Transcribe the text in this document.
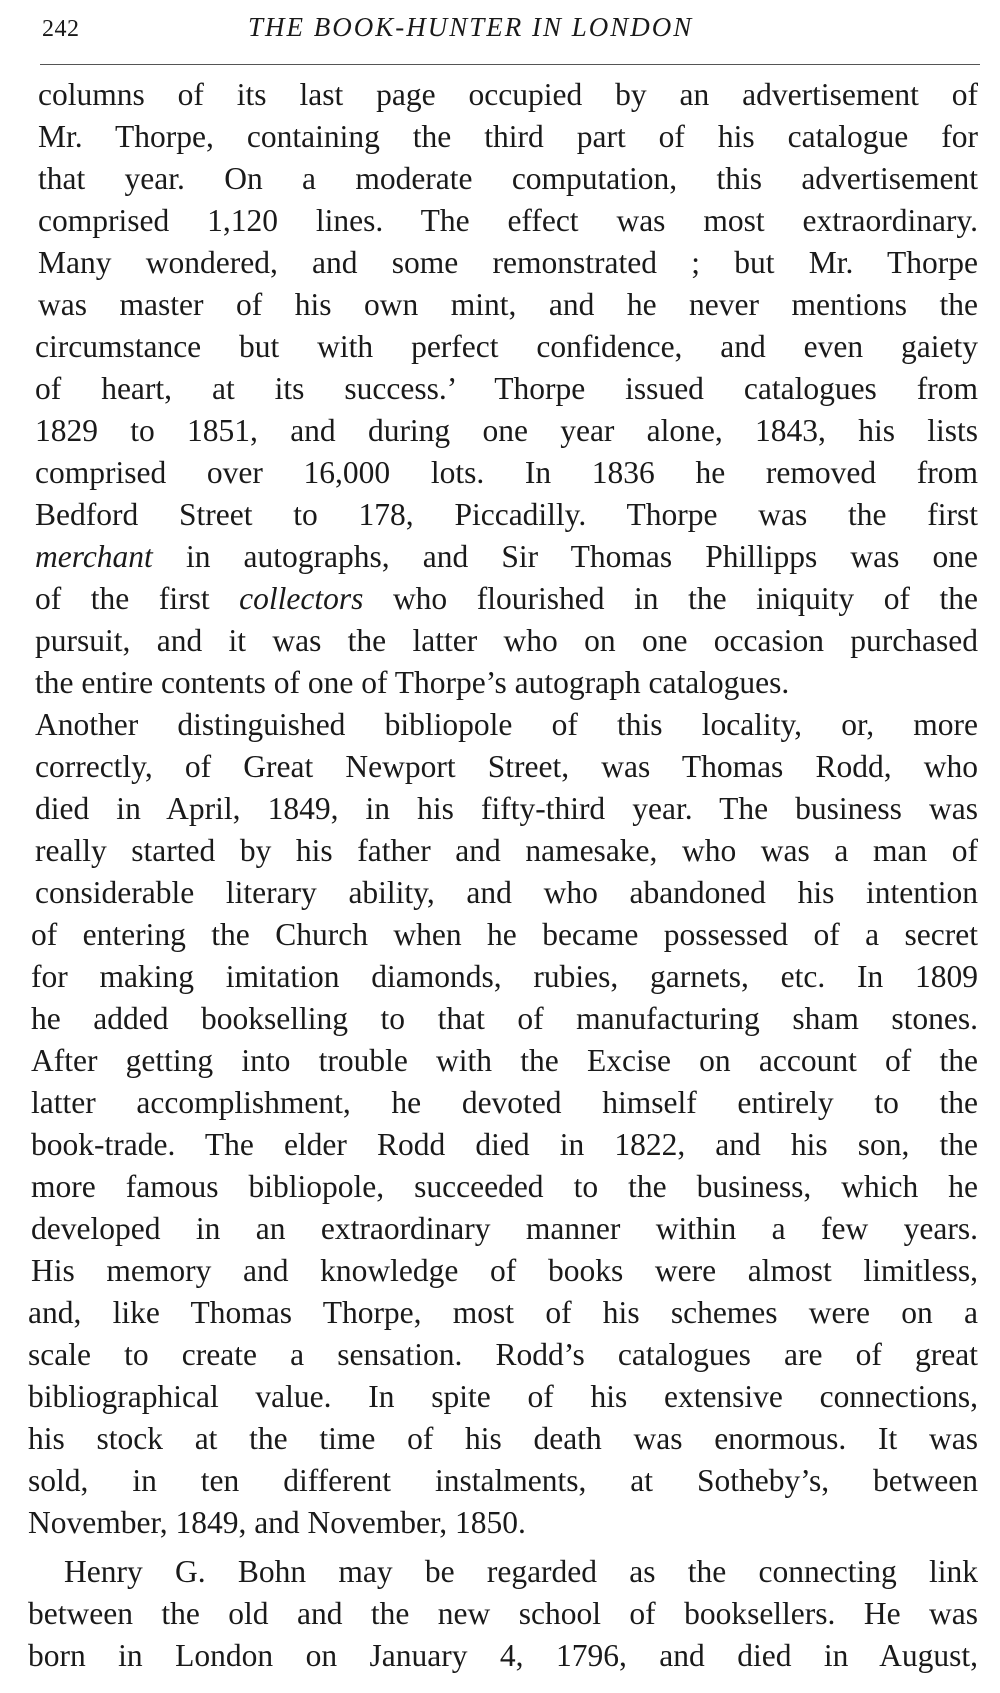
242	THE BOOK-HUNTER IN LONDON
columns of its last page occupied by an advertisement of
Mr. Thorpe, containing the third part of his catalogue for
that year. On a moderate computation, this advertisement
comprised 1,120 lines. The effect was most extraordinary.
Many wondered, and some remonstrated ; but Mr. Thorpe
was master of his own mint, and he never mentions the
circumstance but with perfect confidence, and even gaiety
of heart, at its success.’ Thorpe issued catalogues from
1829 to 1851, and during one year alone, 1843, his lists
comprised over 16,000 lots. In 1836 he removed from
Bedford Street to 178, Piccadilly. Thorpe was the first
merchant in autographs, and Sir Thomas Phillipps was one
of the first collectors who flourished in the iniquity of the
pursuit, and it was the latter who on one occasion purchased
the entire contents of one of Thorpe’s autograph catalogues.
Another distinguished bibliopole of this locality, or, more
correctly, of Great Newport Street, was Thomas Rodd, who
died in April, 1849, in his fifty-third year. The business was
really started by his father and namesake, who was a man of
considerable literary ability, and who abandoned his intention
of entering the Church when he became possessed of a secret
for making imitation diamonds, rubies, garnets, etc. In 1809
he added bookselling to that of manufacturing sham stones.
After getting into trouble with the Excise on account of the
latter accomplishment, he devoted himself entirely to the
book-trade. The elder Rodd died in 1822, and his son, the
more famous bibliopole, succeeded to the business, which he
developed in an extraordinary manner within a few years.
His memory and knowledge of books were almost limitless,
and, like Thomas Thorpe, most of his schemes were on a
scale to create a sensation. Rodd’s catalogues are of great
bibliographical value. In spite of his extensive connections,
his stock at the time of his death was enormous. It was
sold, in ten different instalments, at Sotheby’s, between
November, 1849, and November, 1850.
Henry G. Bohn may be regarded as the connecting link
between the old and the new school of booksellers. He was
born in London on January 4, 1796, and died in August,
